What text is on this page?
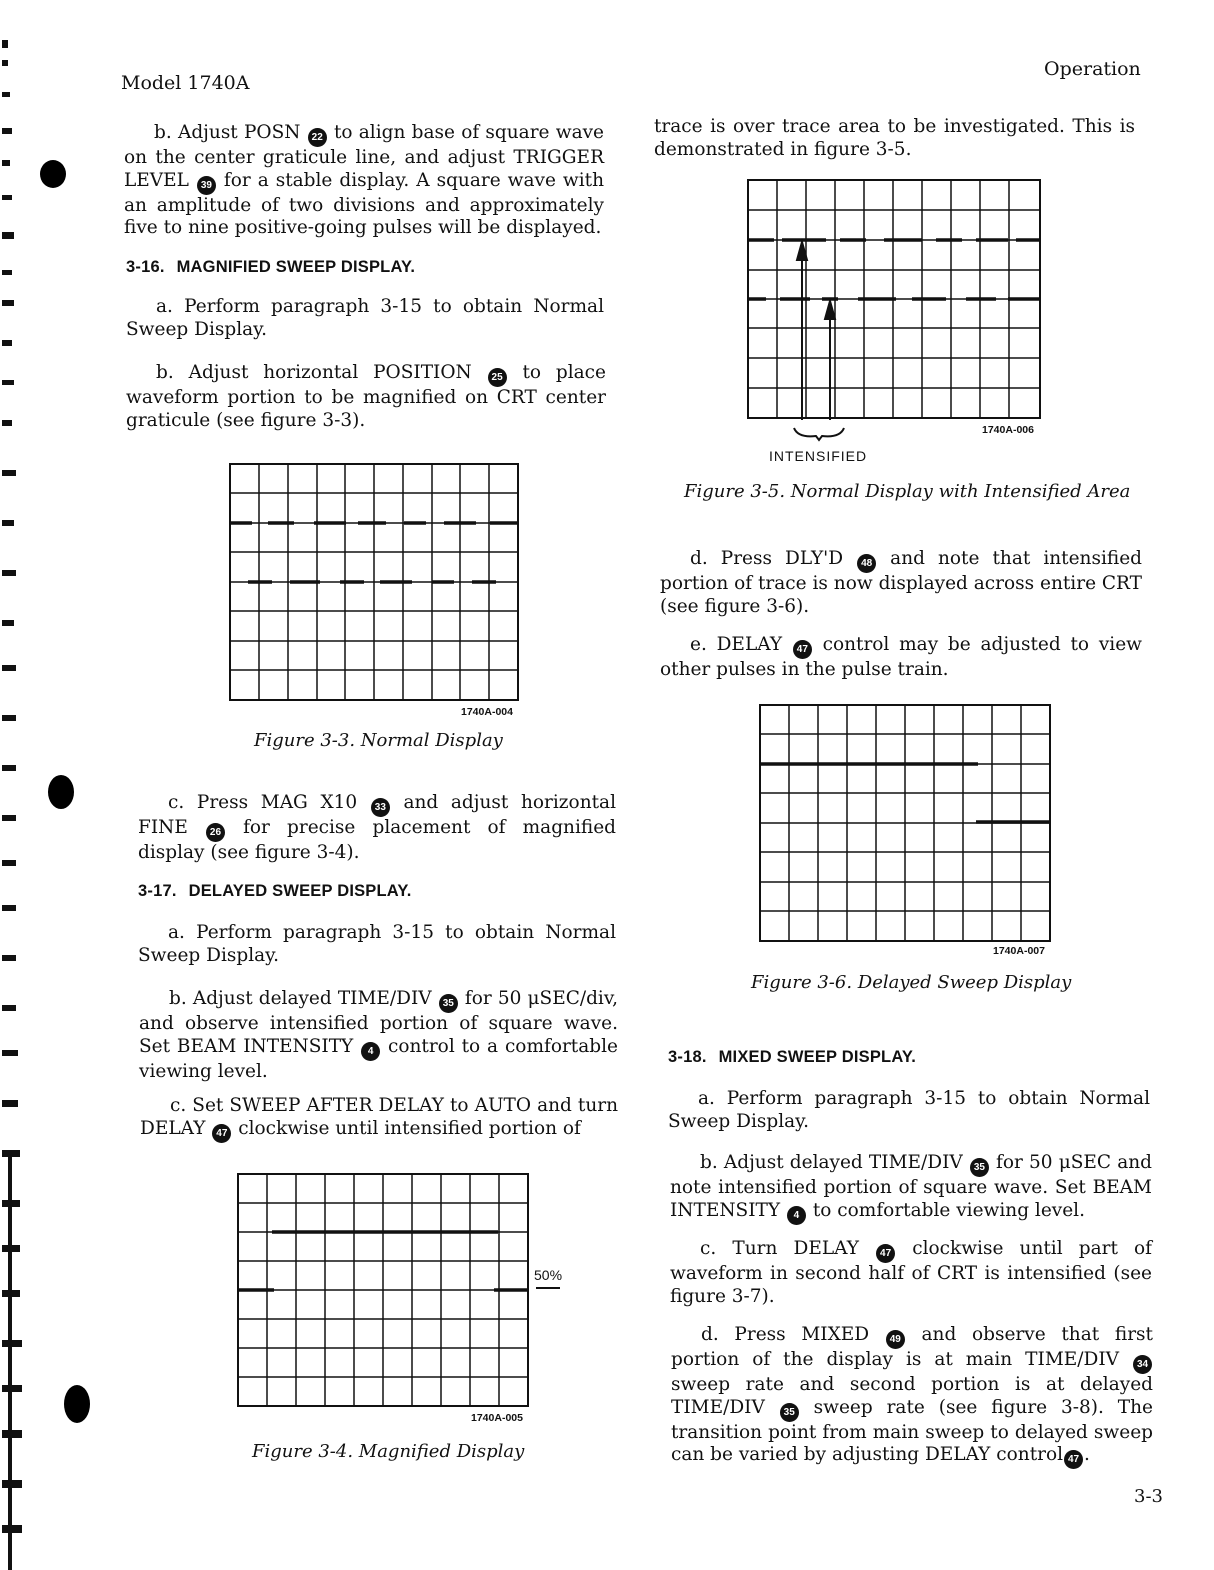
Model 1740A
Operation

b. Adjust POSN 22 to align base of square wave on the center graticule line, and adjust TRIGGER LEVEL 39 for a stable display. A square wave with an amplitude of two divisions and approximately five to nine positive-going pulses will be displayed.

3-16. MAGNIFIED SWEEP DISPLAY.

a. Perform paragraph 3-15 to obtain Normal Sweep Display.

b. Adjust horizontal POSITION 25 to place waveform portion to be magnified on CRT center graticule (see figure 3-3).

1740A-004
Figure 3-3. Normal Display

c. Press MAG X10 33 and adjust horizontal FINE 26 for precise placement of magnified display (see figure 3-4).

3-17. DELAYED SWEEP DISPLAY.

a. Perform paragraph 3-15 to obtain Normal Sweep Display.

b. Adjust delayed TIME/DIV 35 for 50 μSEC/div, and observe intensified portion of square wave. Set BEAM INTENSITY 4 control to a comfortable viewing level.

c. Set SWEEP AFTER DELAY to AUTO and turn DELAY 47 clockwise until intensified portion of

50%
1740A-005
Figure 3-4. Magnified Display

trace is over trace area to be investigated. This is demonstrated in figure 3-5.

INTENSIFIED
1740A-006
Figure 3-5. Normal Display with Intensified Area

d. Press DLY'D 48 and note that intensified portion of trace is now displayed across entire CRT (see figure 3-6).

e. DELAY 47 control may be adjusted to view other pulses in the pulse train.

1740A-007
Figure 3-6. Delayed Sweep Display
3-18. MIXED SWEEP DISPLAY.

a. Perform paragraph 3-15 to obtain Normal Sweep Display.

b. Adjust delayed TIME/DIV 35 for 50 μSEC and note intensified portion of square wave. Set BEAM INTENSITY 4 to comfortable viewing level.

c. Turn DELAY 47 clockwise until part of waveform in second half of CRT is intensified (see figure 3-7).

d. Press MIXED 49 and observe that first portion of the display is at main TIME/DIV 34 sweep rate and second portion is at delayed TIME/DIV 35 sweep rate (see figure 3-8). The transition point from main sweep to delayed sweep can be varied by adjusting DELAY control 47 .

3-3
